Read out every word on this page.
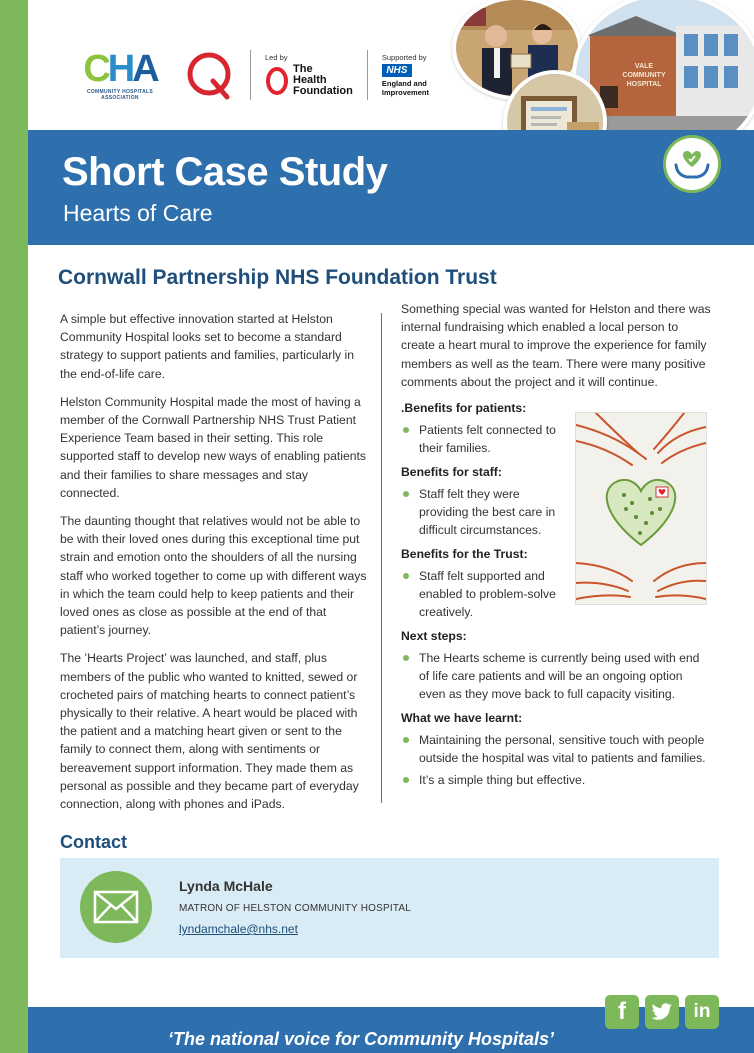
CHA
COMMUNITY HOSPITALS ASSOCIATION
Led by
The
Health
Foundation
Supported by
NHS
England and
Improvement
VALE COMMUNITY HOSPITAL
Short Case Study
Hearts of Care
Cornwall Partnership NHS Foundation Trust

A simple but effective innovation started at Helston Community Hospital looks set to become a standard strategy to support patients and families, particularly in the end-of-life care.

Helston Community Hospital made the most of having a member of the Cornwall Partnership NHS Trust Patient Experience Team based in their setting. This role supported staff to develop new ways of enabling patients and their families to share messages and stay connected.

The daunting thought that relatives would not be able to be with their loved ones during this exceptional time put strain and emotion onto the shoulders of all the nursing staff who worked together to come up with different ways in which the team could help to keep patients and their loved ones as close as possible at the end of that patient’s journey.

The ’Hearts Project’ was launched, and staff, plus members of the public who wanted to knitted, sewed or crocheted pairs of matching hearts to connect patient’s physically to their relative. A heart would be placed with the patient and a matching heart given or sent to the family to connect them, along with sentiments or bereavement support information. They made them as personal as possible and they became part of everyday connection, along with phones and iPads.

Something special was wanted for Helston and there was internal fundraising which enabled a local person to create a heart mural to improve the experience for family members as well as the team. There were many positive comments about the project and it will continue.

.Benefits for patients:
Patients felt connected to their families.
Benefits for staff:
Staff felt they were providing the best care in difficult circumstances.
Benefits for the Trust:
Staff felt supported and enabled to problem-solve creatively.
Next steps:
The Hearts scheme is currently being used with end of life care patients and will be an ongoing option even as they move back to full capacity visiting.
What we have learnt:
Maintaining the personal, sensitive touch with people outside the hospital was vital to patients and families.
It’s a simple thing but effective.
Contact
Lynda McHale
MATRON OF HELSTON COMMUNITY HOSPITAL
lyndamchale@nhs.net
‘The national voice for Community Hospitals’
f	in
